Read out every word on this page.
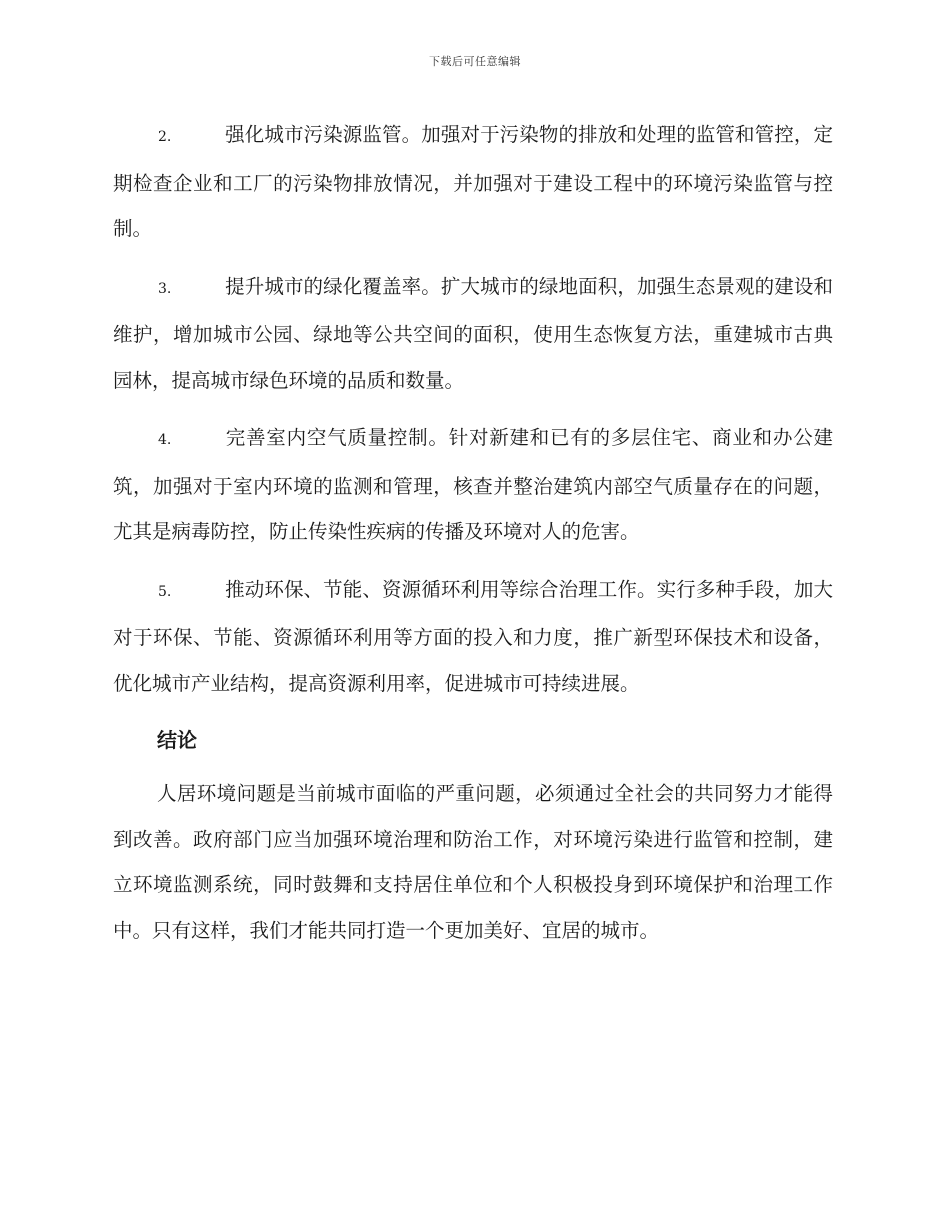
下载后可任意编辑
2.	强化城市污染源监管。加强对于污染物的排放和处理的监管和管控，定期检查企业和工厂的污染物排放情况，并加强对于建设工程中的环境污染监管与控制。
3.	提升城市的绿化覆盖率。扩大城市的绿地面积，加强生态景观的建设和维护，增加城市公园、绿地等公共空间的面积，使用生态恢复方法，重建城市古典园林，提高城市绿色环境的品质和数量。
4.	完善室内空气质量控制。针对新建和已有的多层住宅、商业和办公建筑，加强对于室内环境的监测和管理，核查并整治建筑内部空气质量存在的问题，尤其是病毒防控，防止传染性疾病的传播及环境对人的危害。
5.	推动环保、节能、资源循环利用等综合治理工作。实行多种手段，加大对于环保、节能、资源循环利用等方面的投入和力度，推广新型环保技术和设备，优化城市产业结构，提高资源利用率，促进城市可持续进展。
结论

人居环境问题是当前城市面临的严重问题，必须通过全社会的共同努力才能得到改善。政府部门应当加强环境治理和防治工作，对环境污染进行监管和控制，建立环境监测系统，同时鼓舞和支持居住单位和个人积极投身到环境保护和治理工作中。只有这样，我们才能共同打造一个更加美好、宜居的城市。
